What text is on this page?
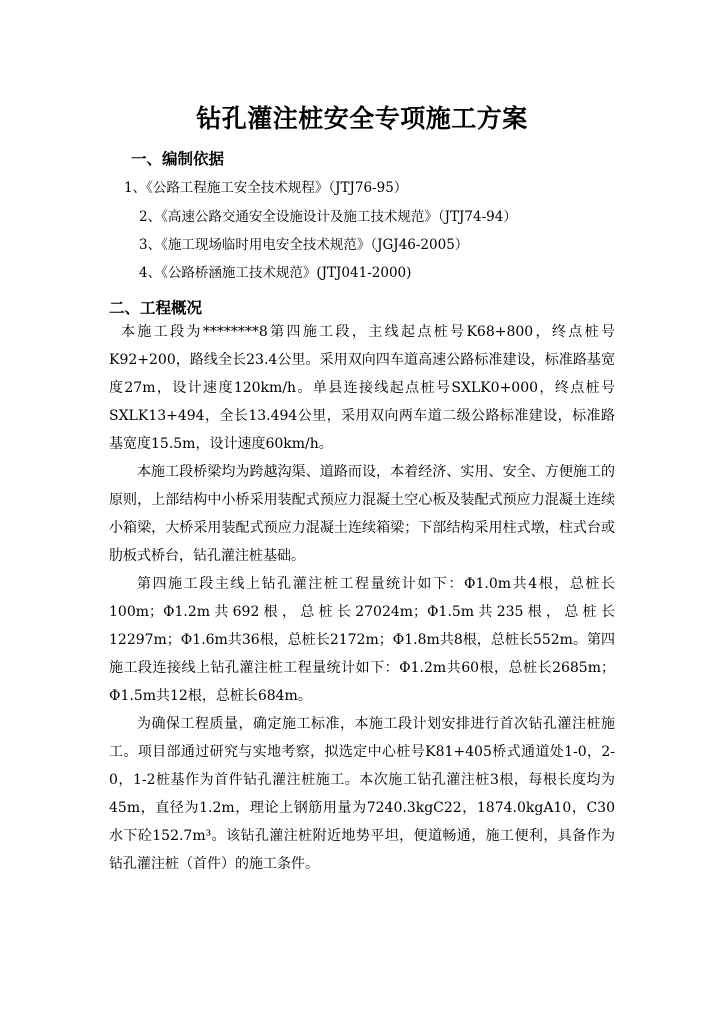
钻孔灌注桩安全专项施工方案
一、编制依据

1、《公路工程施工安全技术规程》（JTJ76-95）

2、《高速公路交通安全设施设计及施工技术规范》（JTJ74-94）

3、《施工现场临时用电安全技术规范》（JGJ46-2005）

4、《公路桥涵施工技术规范》(JTJ041-2000)

二、工程概况

本施工段为********8第四施工段，主线起点桩号K68+800，终点桩号K92+200，路线全长23.4公里。采用双向四车道高速公路标准建设，标准路基宽度27m，设计速度120km/h。单县连接线起点桩号SXLK0+000，终点桩号SXLK13+494，全长13.494公里，采用双向两车道二级公路标准建设，标准路基宽度15.5m，设计速度60km/h。

本施工段桥梁均为跨越沟渠、道路而设，本着经济、实用、安全、方便施工的原则，上部结构中小桥采用装配式预应力混凝土空心板及装配式预应力混凝土连续小箱梁，大桥采用装配式预应力混凝土连续箱梁；下部结构采用柱式墩，柱式台或肋板式桥台，钻孔灌注桩基础。

第四施工段主线上钻孔灌注桩工程量统计如下：Φ1.0m共4根，总桩长100m；Φ1.2m共692根，总桩长27024m；Φ1.5m共235根，总桩长12297m；Φ1.6m共36根，总桩长2172m；Φ1.8m共8根，总桩长552m。第四施工段连接线上钻孔灌注桩工程量统计如下：Φ1.2m共60根，总桩长2685m；Φ1.5m共12根，总桩长684m。

为确保工程质量，确定施工标准，本施工段计划安排进行首次钻孔灌注桩施工。项目部通过研究与实地考察，拟选定中心桩号K81+405桥式通道处1-0，2-0，1-2桩基作为首件钻孔灌注桩施工。本次施工钻孔灌注桩3根，每根长度均为45m，直径为1.2m，理论上钢筋用量为7240.3kgС22，1874.0kgA10，C30水下砼152.7m³。该钻孔灌注桩附近地势平坦，便道畅通，施工便利，具备作为钻孔灌注桩（首件）的施工条件。
